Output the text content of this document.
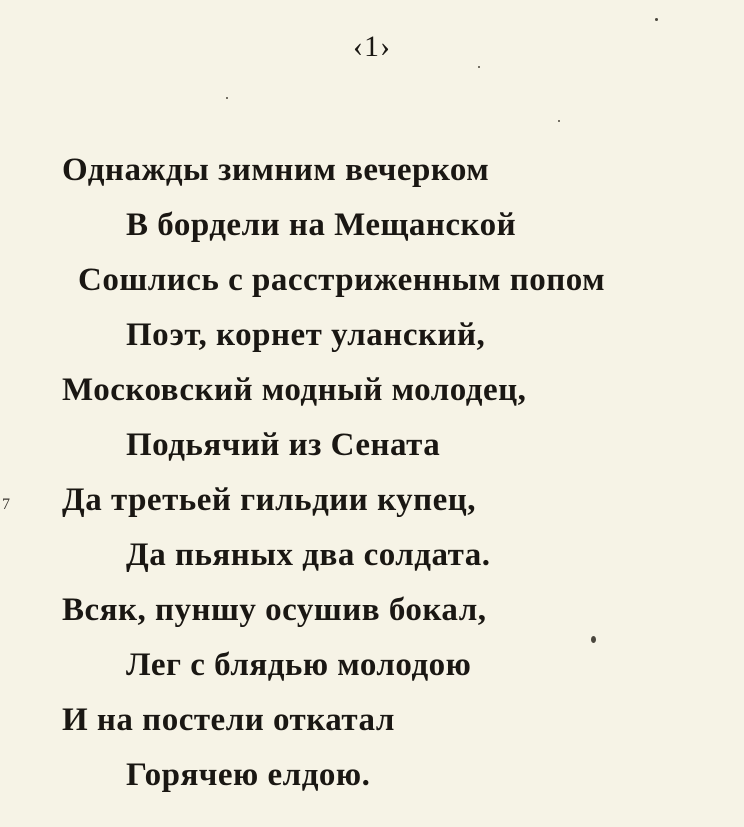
‹1›
7
Однажды зимним вечерком
В бордели на Мещанской
Сошлись с расстриженным попом
Поэт, корнет уланский,
Московский модный молодец,
Подьячий из Сената
Да третьей гильдии купец,
Да пьяных два солдата.
Всяк, пуншу осушив бокал,
Лег с блядью молодою
И на постели откатал
Горячею елдою.
